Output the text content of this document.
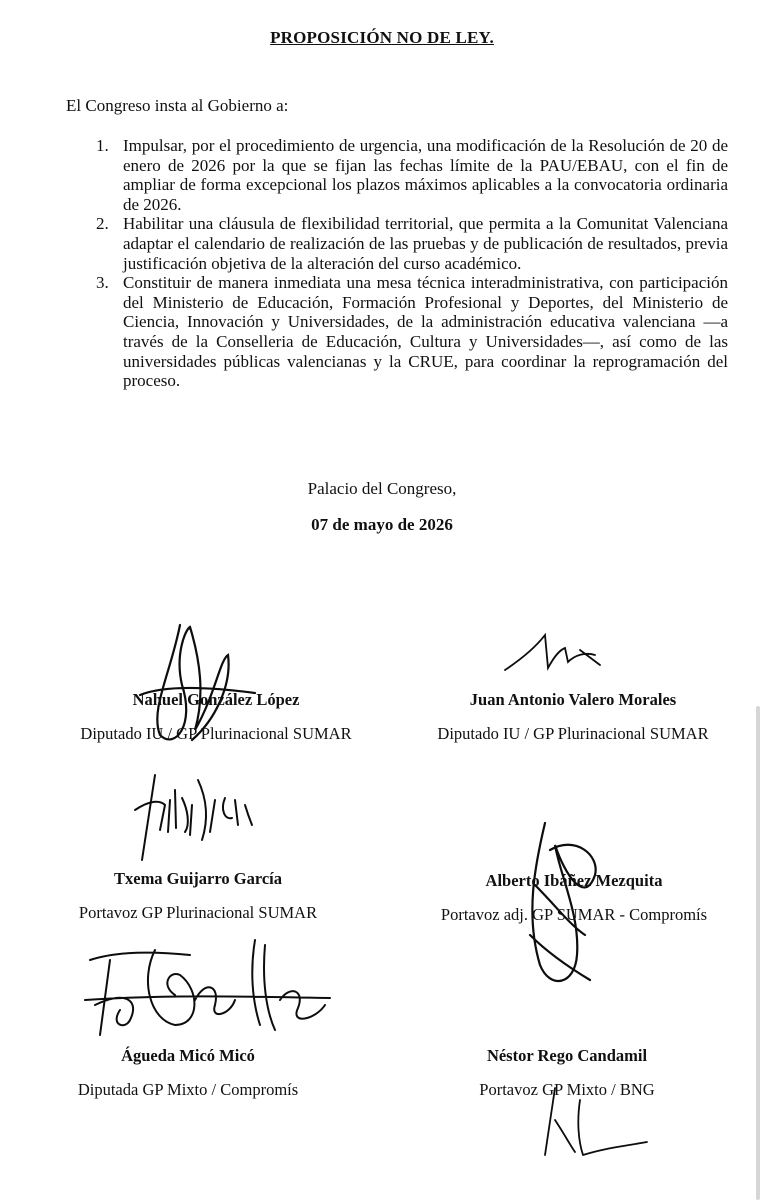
PROPOSICIÓN NO DE LEY.
El Congreso insta al Gobierno a:
1. Impulsar, por el procedimiento de urgencia, una modificación de la Resolución de 20 de enero de 2026 por la que se fijan las fechas límite de la PAU/EBAU, con el fin de ampliar de forma excepcional los plazos máximos aplicables a la convocatoria ordinaria de 2026.
2. Habilitar una cláusula de flexibilidad territorial, que permita a la Comunitat Valenciana adaptar el calendario de realización de las pruebas y de publicación de resultados, previa justificación objetiva de la alteración del curso académico.
3. Constituir de manera inmediata una mesa técnica interadministrativa, con participación del Ministerio de Educación, Formación Profesional y Deportes, del Ministerio de Ciencia, Innovación y Universidades, de la administración educativa valenciana —a través de la Conselleria de Educación, Cultura y Universidades—, así como de las universidades públicas valencianas y la CRUE, para coordinar la reprogramación del proceso.
Palacio del Congreso,
07 de mayo de 2026
Nahuel González López
Diputado IU / GP Plurinacional SUMAR
Juan Antonio Valero Morales
Diputado IU / GP Plurinacional SUMAR
Txema Guijarro García
Portavoz GP Plurinacional SUMAR
Alberto Ibáñez Mezquita
Portavoz adj. GP SUMAR - Compromís
Águeda Micó Micó
Diputada GP Mixto / Compromís
Néstor Rego Candamil
Portavoz GP Mixto / BNG
